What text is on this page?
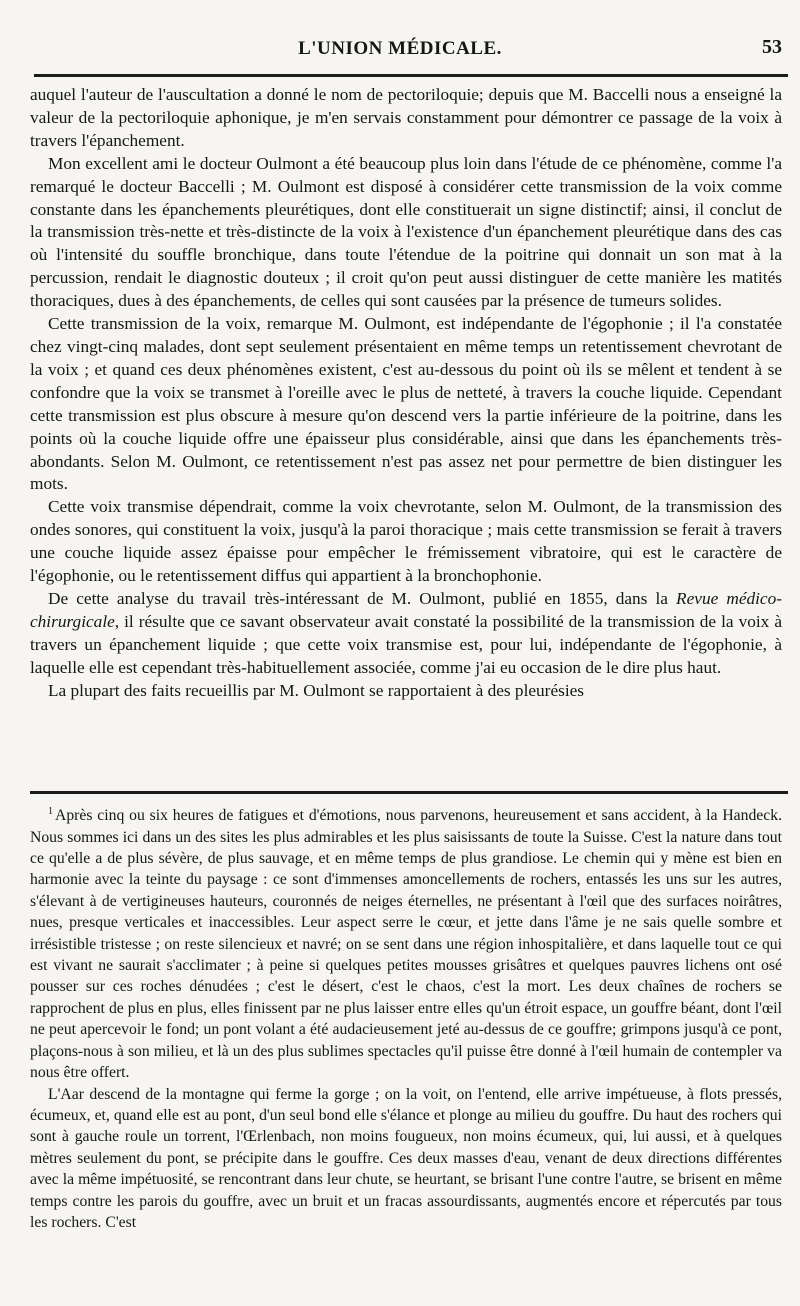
L'UNION MÉDICALE.	53

auquel l'auteur de l'auscultation a donné le nom de pectoriloquie; depuis que M. Baccelli nous a enseigné la valeur de la pectoriloquie aphonique, je m'en servais constamment pour démontrer ce passage de la voix à travers l'épanchement.

Mon excellent ami le docteur Oulmont a été beaucoup plus loin dans l'étude de ce phénomène, comme l'a remarqué le docteur Baccelli ; M. Oulmont est disposé à considérer cette transmission de la voix comme constante dans les épanchements pleurétiques, dont elle constituerait un signe distinctif; ainsi, il conclut de la transmission très-nette et très-distincte de la voix à l'existence d'un épanchement pleurétique dans des cas où l'intensité du souffle bronchique, dans toute l'étendue de la poitrine qui donnait un son mat à la percussion, rendait le diagnostic douteux ; il croit qu'on peut aussi distinguer de cette manière les matités thoraciques, dues à des épanchements, de celles qui sont causées par la présence de tumeurs solides.

Cette transmission de la voix, remarque M. Oulmont, est indépendante de l'égophonie ; il l'a constatée chez vingt-cinq malades, dont sept seulement présentaient en même temps un retentissement chevrotant de la voix ; et quand ces deux phénomènes existent, c'est au-dessous du point où ils se mêlent et tendent à se confondre que la voix se transmet à l'oreille avec le plus de netteté, à travers la couche liquide. Cependant cette transmission est plus obscure à mesure qu'on descend vers la partie inférieure de la poitrine, dans les points où la couche liquide offre une épaisseur plus considérable, ainsi que dans les épanchements très-abondants. Selon M. Oulmont, ce retentissement n'est pas assez net pour permettre de bien distinguer les mots.

Cette voix transmise dépendrait, comme la voix chevrotante, selon M. Oulmont, de la transmission des ondes sonores, qui constituent la voix, jusqu'à la paroi thoracique ; mais cette transmission se ferait à travers une couche liquide assez épaisse pour empêcher le frémissement vibratoire, qui est le caractère de l'égophonie, ou le retentissement diffus qui appartient à la bronchophonie.

De cette analyse du travail très-intéressant de M. Oulmont, publié en 1855, dans la Revue médico-chirurgicale, il résulte que ce savant observateur avait constaté la possibilité de la transmission de la voix à travers un épanchement liquide ; que cette voix transmise est, pour lui, indépendante de l'égophonie, à laquelle elle est cependant très-habituellement associée, comme j'ai eu occasion de le dire plus haut.

La plupart des faits recueillis par M. Oulmont se rapportaient à des pleurésies

$^1$ Après cinq ou six heures de fatigues et d'émotions, nous parvenons, heureusement et sans accident, à la Handeck. Nous sommes ici dans un des sites les plus admirables et les plus saisissants de toute la Suisse. C'est la nature dans tout ce qu'elle a de plus sévère, de plus sauvage, et en même temps de plus grandiose. Le chemin qui y mène est bien en harmonie avec la teinte du paysage : ce sont d'immenses amoncellements de rochers, entassés les uns sur les autres, s'élevant à de vertigineuses hauteurs, couronnés de neiges éternelles, ne présentant à l'œil que des surfaces noirâtres, nues, presque verticales et inaccessibles. Leur aspect serre le cœur, et jette dans l'âme je ne sais quelle sombre et irrésistible tristesse ; on reste silencieux et navré; on se sent dans une région inhospitalière, et dans laquelle tout ce qui est vivant ne saurait s'acclimater ; à peine si quelques petites mousses grisâtres et quelques pauvres lichens ont osé pousser sur ces roches dénudées ; c'est le désert, c'est le chaos, c'est la mort. Les deux chaînes de rochers se rapprochent de plus en plus, elles finissent par ne plus laisser entre elles qu'un étroit espace, un gouffre béant, dont l'œil ne peut apercevoir le fond; un pont volant a été audacieusement jeté au-dessus de ce gouffre; grimpons jusqu'à ce pont, plaçons-nous à son milieu, et là un des plus sublimes spectacles qu'il puisse être donné à l'œil humain de contempler va nous être offert.

L'Aar descend de la montagne qui ferme la gorge ; on la voit, on l'entend, elle arrive impétueuse, à flots pressés, écumeux, et, quand elle est au pont, d'un seul bond elle s'élance et plonge au milieu du gouffre. Du haut des rochers qui sont à gauche roule un torrent, l'Œrlenbach, non moins fougueux, non moins écumeux, qui, lui aussi, et à quelques mètres seulement du pont, se précipite dans le gouffre. Ces deux masses d'eau, venant de deux directions différentes avec la même impétuosité, se rencontrant dans leur chute, se heurtant, se brisant l'une contre l'autre, se brisent en même temps contre les parois du gouffre, avec un bruit et un fracas assourdissants, augmentés encore et répercutés par tous les rochers. C'est
